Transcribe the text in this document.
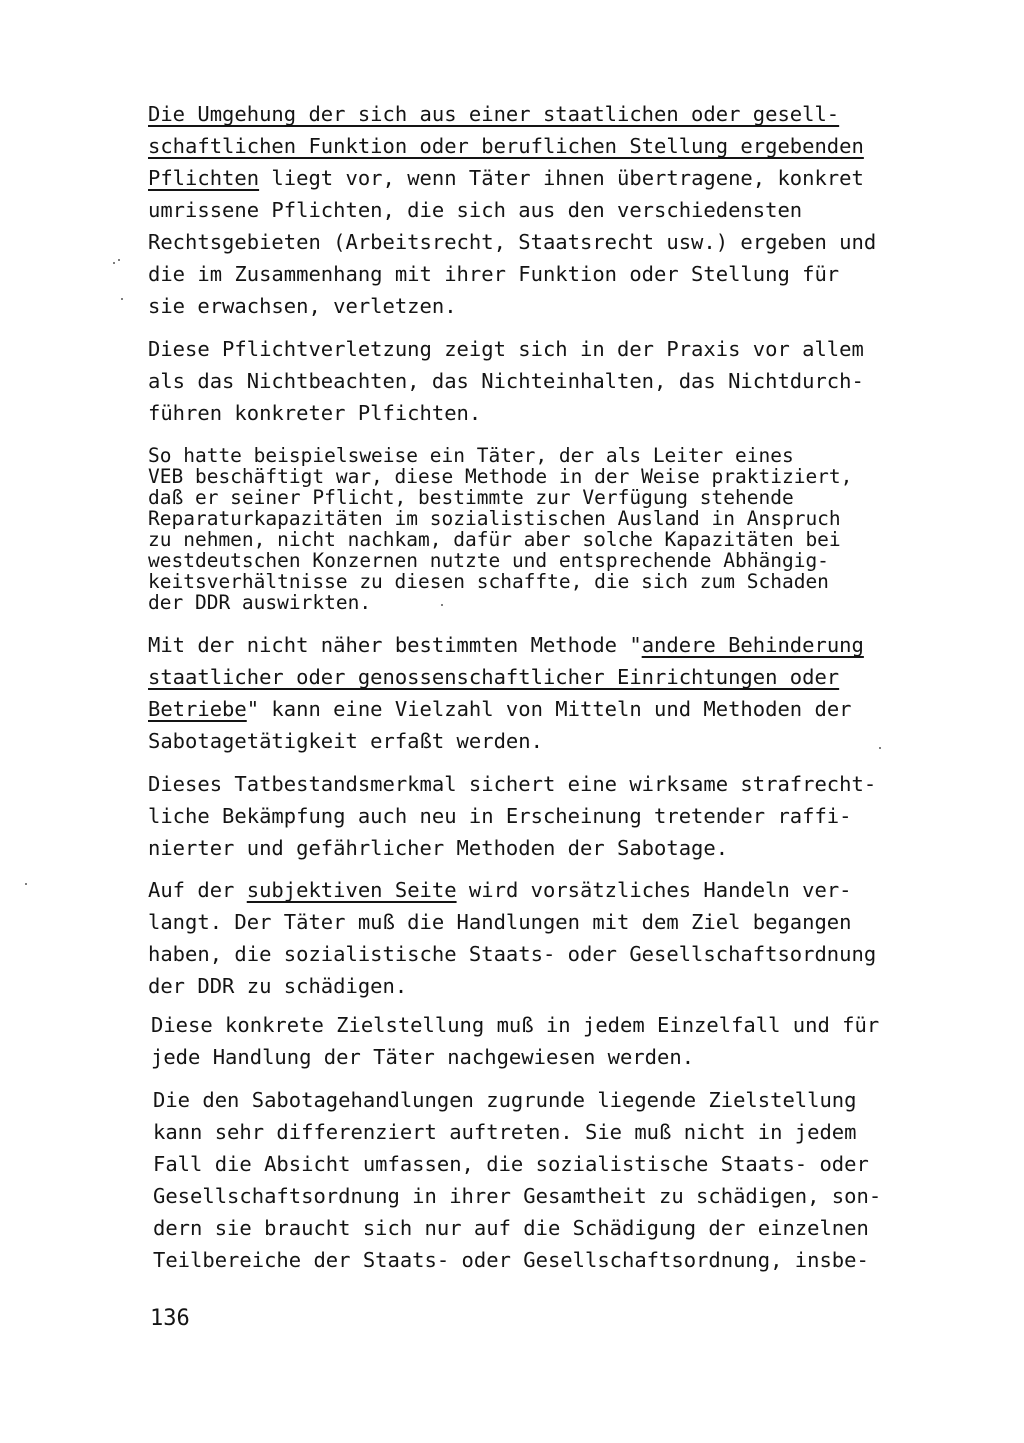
Die Umgehung der sich aus einer staatlichen oder gesell-
schaftlichen Funktion oder beruflichen Stellung ergebenden
Pflichten liegt vor, wenn Täter ihnen übertragene, konkret
umrissene Pflichten, die sich aus den verschiedensten
Rechtsgebieten (Arbeitsrecht, Staatsrecht usw.) ergeben und
die im Zusammenhang mit ihrer Funktion oder Stellung für
sie erwachsen, verletzen.
Diese Pflichtverletzung zeigt sich in der Praxis vor allem
als das Nichtbeachten, das Nichteinhalten, das Nichtdurch-
führen konkreter Plfichten.
So hatte beispielsweise ein Täter, der als Leiter eines
VEB beschäftigt war, diese Methode in der Weise praktiziert,
daß er seiner Pflicht, bestimmte zur Verfügung stehende
Reparaturkapazitäten im sozialistischen Ausland in Anspruch
zu nehmen, nicht nachkam, dafür aber solche Kapazitäten bei
westdeutschen Konzernen nutzte und entsprechende Abhängig-
keitsverhältnisse zu diesen schaffte, die sich zum Schaden
der DDR auswirkten.
Mit der nicht näher bestimmten Methode "andere Behinderung
staatlicher oder genossenschaftlicher Einrichtungen oder
Betriebe" kann eine Vielzahl von Mitteln und Methoden der
Sabotagetätigkeit erfaßt werden.
Dieses Tatbestandsmerkmal sichert eine wirksame strafrecht-
liche Bekämpfung auch neu in Erscheinung tretender raffi-
nierter und gefährlicher Methoden der Sabotage.
Auf der subjektiven Seite wird vorsätzliches Handeln ver-
langt. Der Täter muß die Handlungen mit dem Ziel begangen
haben, die sozialistische Staats- oder Gesellschaftsordnung
der DDR zu schädigen.
Diese konkrete Zielstellung muß in jedem Einzelfall und für
jede Handlung der Täter nachgewiesen werden.
Die den Sabotagehandlungen zugrunde liegende Zielstellung
kann sehr differenziert auftreten. Sie muß nicht in jedem
Fall die Absicht umfassen, die sozialistische Staats- oder
Gesellschaftsordnung in ihrer Gesamtheit zu schädigen, son-
dern sie braucht sich nur auf die Schädigung der einzelnen
Teilbereiche der Staats- oder Gesellschaftsordnung, insbe-
136
